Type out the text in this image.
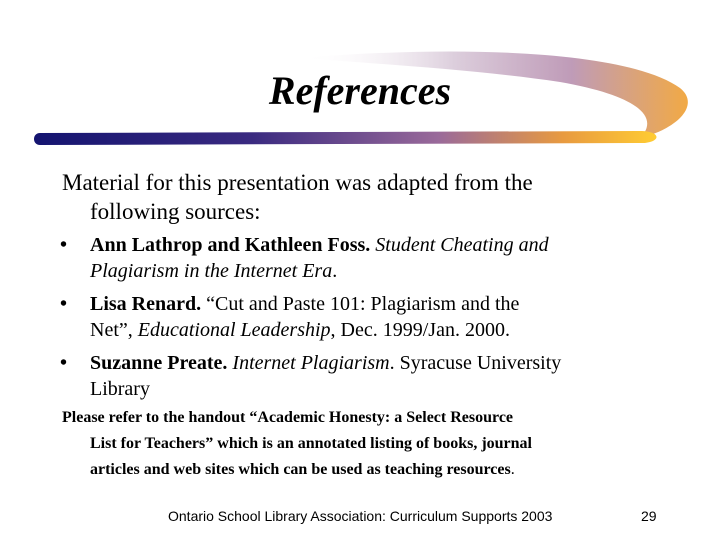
References
Material for this presentation was adapted from the
following sources:
• Ann Lathrop and Kathleen Foss. Student Cheating and
Plagiarism in the Internet Era.
• Lisa Renard. “Cut and Paste 101: Plagiarism and the
Net”, Educational Leadership, Dec. 1999/Jan. 2000.
• Suzanne Preate. Internet Plagiarism. Syracuse University
Library
Please refer to the handout “Academic Honesty: a Select Resource
List for Teachers” which is an annotated listing of books, journal
articles and web sites which can be used as teaching resources.
Ontario School Library Association: Curriculum Supports 2003	29
